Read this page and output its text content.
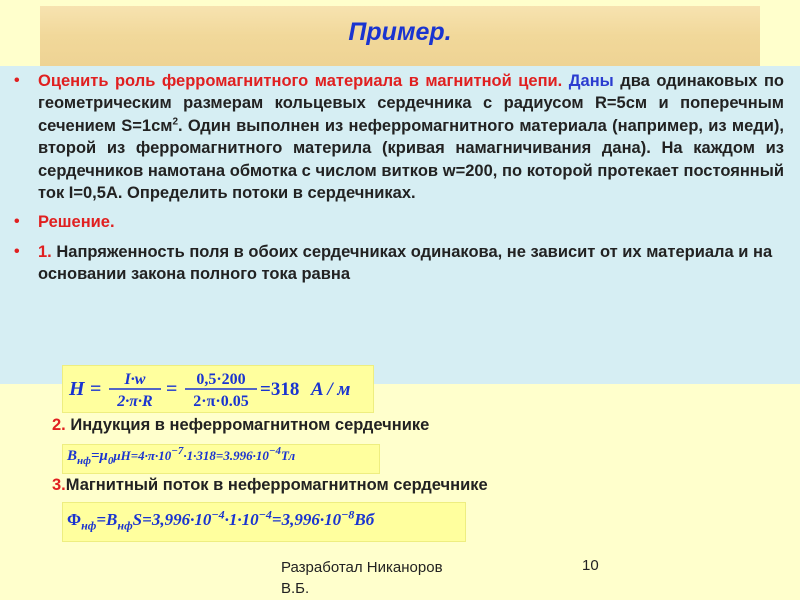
Пример.
• Оценить роль ферромагнитного материала в магнитной цепи. Даны два одинаковых по геометрическим размерам кольцевых сердечника с радиусом R=5см и поперечным сечением $S=1см^2$. Один выполнен из неферромагнитного материала (например, из меди), второй из ферромагнитного материла (кривая намагничивания дана). На каждом из сердечников намотана обмотка с числом витков w=200, по которой протекает постоянный ток I=0,5А. Определить потоки в сердечниках.
• Решение.
• 1. Напряженность поля в обоих сердечниках одинакова, не зависит от их материала и на основании закона полного тока равна
H = I·w
2·π·R
= 0,5·200
2·π·0.05
=318 A / м
2. Индукция в неферромагнитном сердечнике
$B_{нф}=\mu_0\mu H=4\cdot\pi\cdot 10^{-7}\cdot 1\cdot 318=3.996\cdot 10^{-4}Тл$
3.Магнитный поток в неферромагнитном сердечнике
$\Phi_{нф}=B_{нф}S=3,996\cdot 10^{-4}\cdot 1\cdot 10^{-4}=3,996\cdot 10^{-8}Вб$
Разработал Никаноров
В.Б.
10
